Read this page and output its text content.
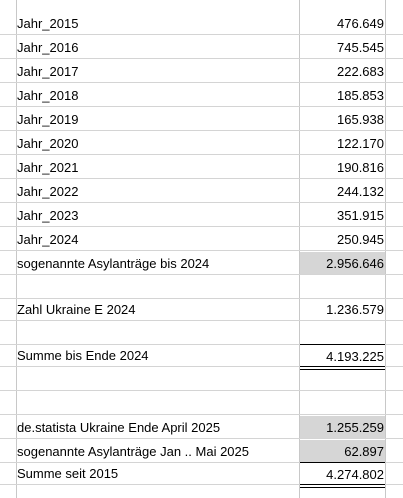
Jahr_2015	476.649
Jahr_2016	745.545
Jahr_2017	222.683
Jahr_2018	185.853
Jahr_2019	165.938
Jahr_2020	122.170
Jahr_2021	190.816
Jahr_2022	244.132
Jahr_2023	351.915
Jahr_2024	250.945
sogenannte Asylanträge bis 2024	2.956.646
Zahl Ukraine E 2024	1.236.579
Summe bis Ende 2024	4.193.225
de.statista Ukraine Ende April 2025	1.255.259
sogenannte Asylanträge Jan .. Mai 2025	62.897
Summe seit 2015	4.274.802
